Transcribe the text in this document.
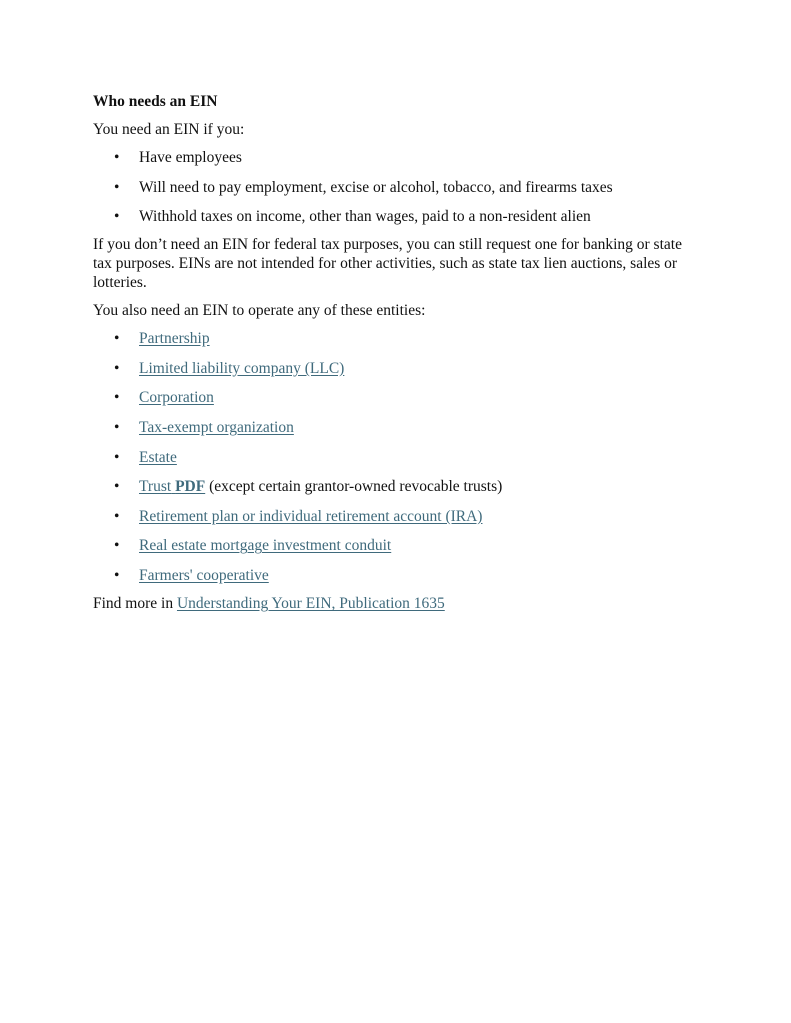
Who needs an EIN
You need an EIN if you:
• Have employees
• Will need to pay employment, excise or alcohol, tobacco, and firearms taxes
• Withhold taxes on income, other than wages, paid to a non-resident alien
If you don’t need an EIN for federal tax purposes, you can still request one for banking or state tax purposes. EINs are not intended for other activities, such as state tax lien auctions, sales or lotteries.
You also need an EIN to operate any of these entities:
• Partnership
• Limited liability company (LLC)
• Corporation
• Tax-exempt organization
• Estate
• Trust PDF (except certain grantor-owned revocable trusts)
• Retirement plan or individual retirement account (IRA)
• Real estate mortgage investment conduit
• Farmers' cooperative
Find more in Understanding Your EIN, Publication 1635
